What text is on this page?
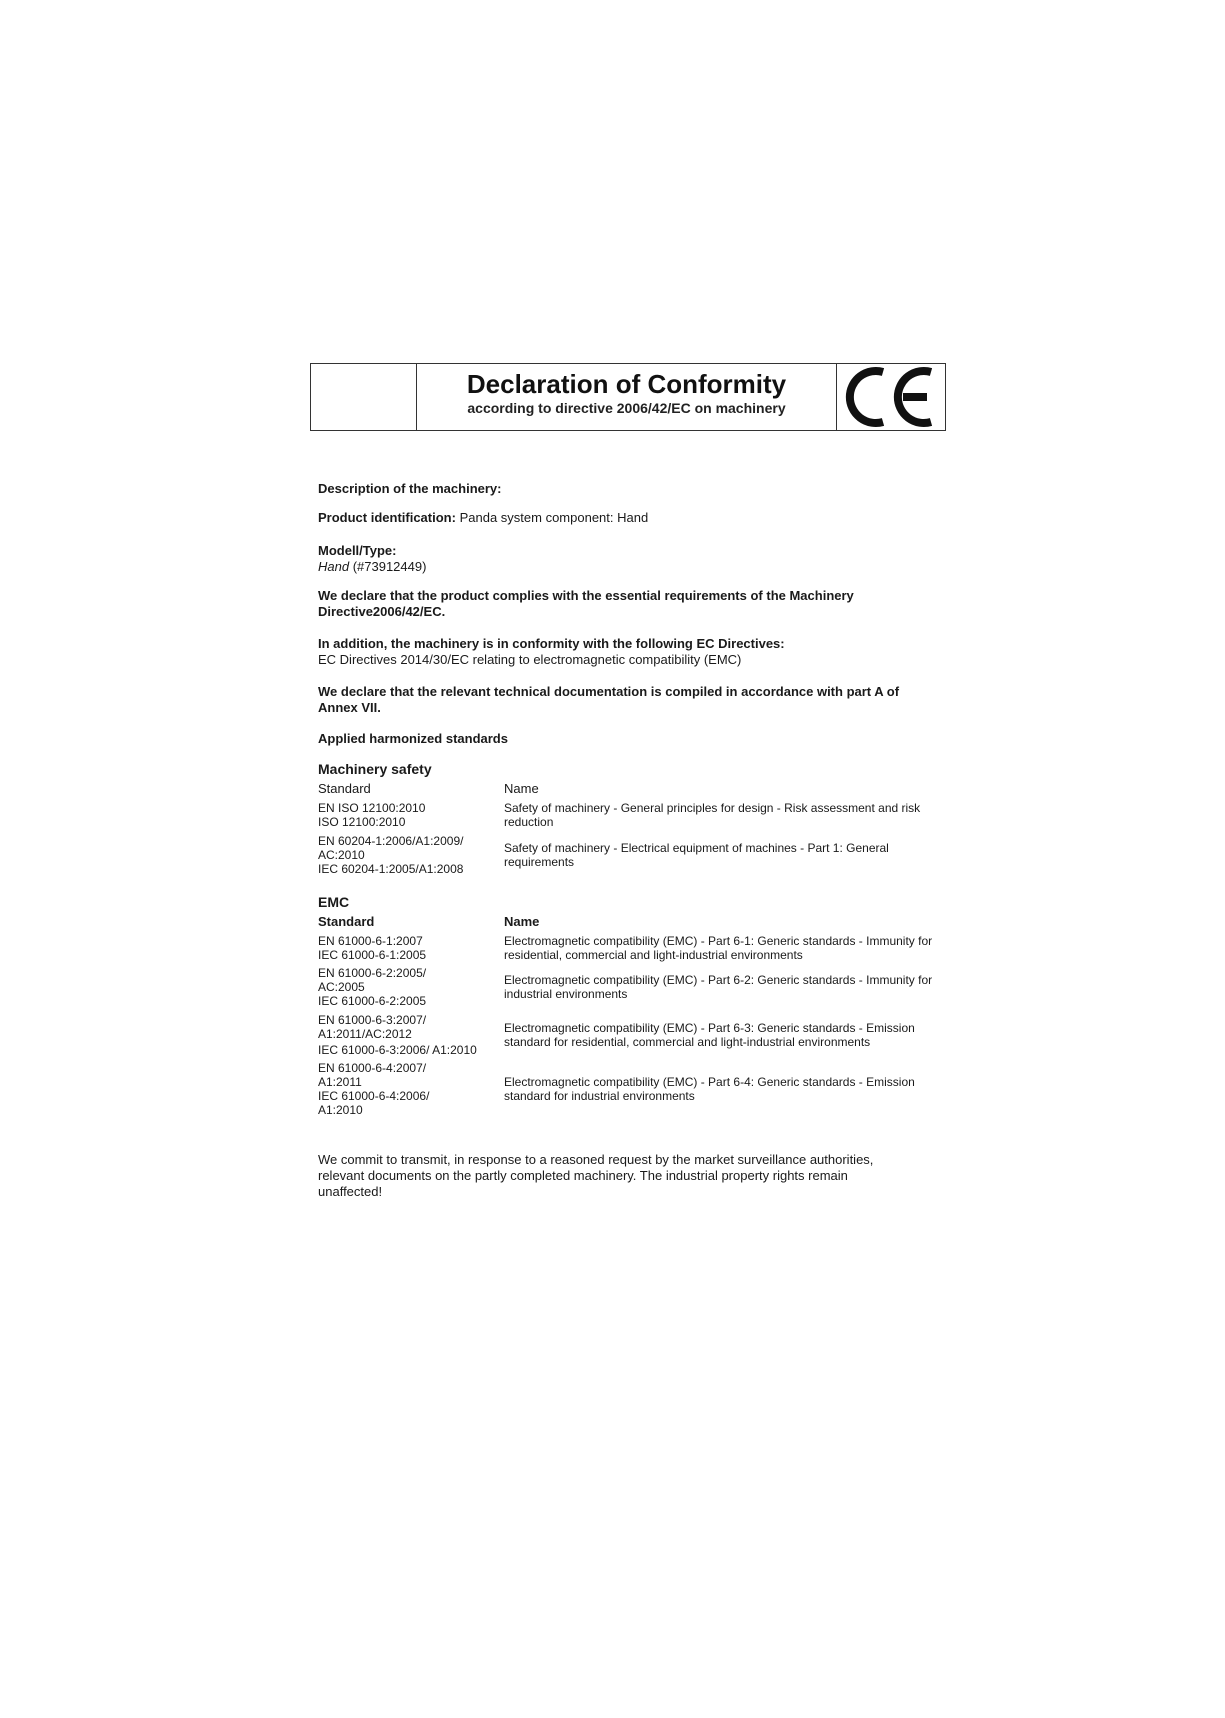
Declaration of Conformity
according to directive 2006/42/EC on machinery
Description of the machinery:
Product identification: Panda system component: Hand
Modell/Type:
Hand (#73912449)
We declare that the product complies with the essential requirements of the Machinery
Directive2006/42/EC.
In addition, the machinery is in conformity with the following EC Directives:
EC Directives 2014/30/EC relating to electromagnetic compatibility (EMC)
We declare that the relevant technical documentation is compiled in accordance with part A of
Annex VII.
Applied harmonized standards
Machinery safety
Standard	Name
EN ISO 12100:2010
ISO 12100:2010
Safety of machinery - General principles for design - Risk assessment and risk
reduction
EN 60204-1:2006/A1:2009/
AC:2010
IEC 60204-1:2005/A1:2008
Safety of machinery - Electrical equipment of machines - Part 1: General
requirements
EMC
Standard	Name
EN 61000-6-1:2007
IEC 61000-6-1:2005
Electromagnetic compatibility (EMC) - Part 6-1: Generic standards - Immunity for
residential, commercial and light-industrial environments
EN 61000-6-2:2005/
AC:2005
IEC 61000-6-2:2005
Electromagnetic compatibility (EMC) - Part 6-2: Generic standards - Immunity for
industrial environments
EN 61000-6-3:2007/
A1:2011/AC:2012
IEC 61000-6-3:2006/ A1:2010
Electromagnetic compatibility (EMC) - Part 6-3: Generic standards - Emission
standard for residential, commercial and light-industrial environments
EN 61000-6-4:2007/
A1:2011
IEC 61000-6-4:2006/
A1:2010
Electromagnetic compatibility (EMC) - Part 6-4: Generic standards - Emission
standard for industrial environments
We commit to transmit, in response to a reasoned request by the market surveillance authorities,
relevant documents on the partly completed machinery. The industrial property rights remain
unaffected!
